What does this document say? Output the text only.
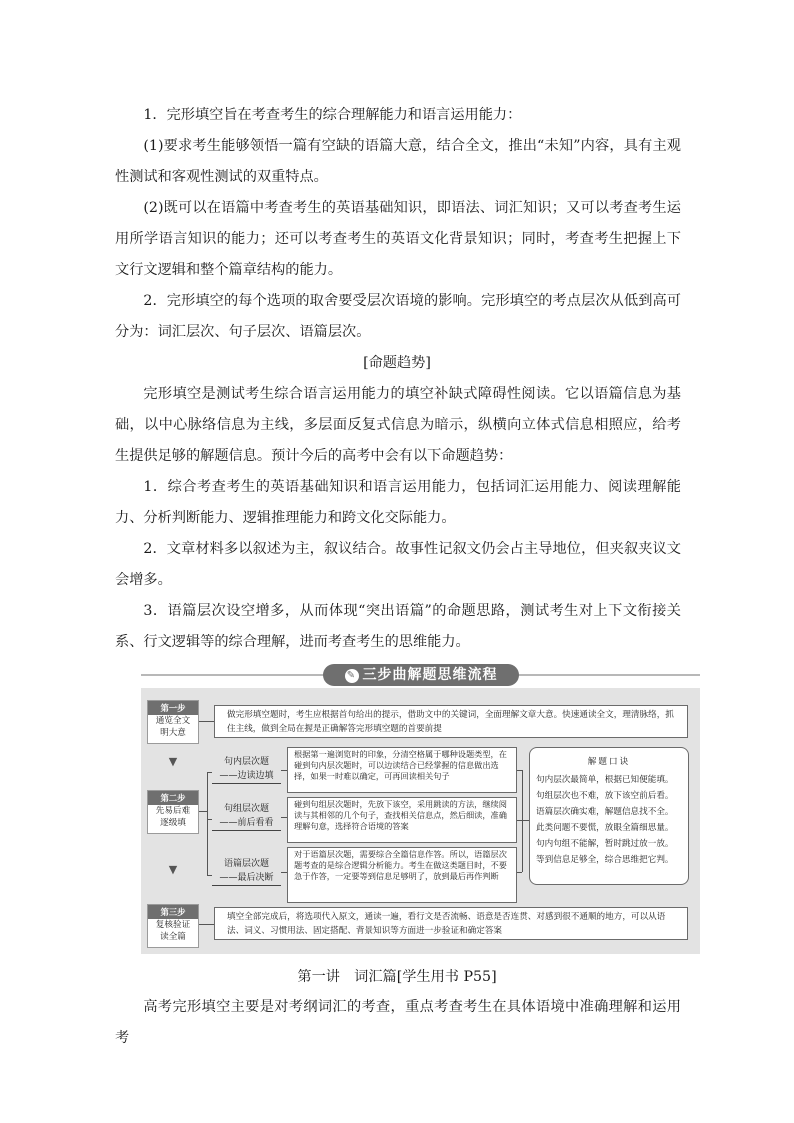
1．完形填空旨在考查考生的综合理解能力和语言运用能力：

(1)要求考生能够领悟一篇有空缺的语篇大意，结合全文，推出“未知”内容，具有主观性测试和客观性测试的双重特点。

(2)既可以在语篇中考查考生的英语基础知识，即语法、词汇知识；又可以考查考生运用所学语言知识的能力；还可以考查考生的英语文化背景知识；同时，考查考生把握上下文行文逻辑和整个篇章结构的能力。

2．完形填空的每个选项的取舍要受层次语境的影响。完形填空的考点层次从低到高可分为：词汇层次、句子层次、语篇层次。

[命题趋势]

完形填空是测试考生综合语言运用能力的填空补缺式障碍性阅读。它以语篇信息为基础，以中心脉络信息为主线，多层面反复式信息为暗示，纵横向立体式信息相照应，给考生提供足够的解题信息。预计今后的高考中会有以下命题趋势：

1．综合考查考生的英语基础知识和语言运用能力，包括词汇运用能力、阅读理解能力、分析判断能力、逻辑推理能力和跨文化交际能力。

2．文章材料多以叙述为主，叙议结合。故事性记叙文仍会占主导地位，但夹叙夹议文会增多。

3．语篇层次设空增多，从而体现“突出语篇”的命题思路，测试考生对上下文衔接关系、行文逻辑等的综合理解，进而考查考生的思维能力。

✎ 三步曲解题思维流程
第一步
通览全文
明大意
做完形填空题时，考生应根据首句给出的提示，借助文中的关键词，全面理解文章大意。快速通读全文，理清脉络，抓住主线，做到全局在握是正确解答完形填空题的首要前提
▼
第二步
先易后难
逐级填
句内层次题
——边读边填
句组层次题
——前后看看
语篇层次题
——最后决断
根据第一遍浏览时的印象，分清空格属于哪种设题类型，在碰到句内层次题时，可以边读结合已经掌握的信息做出选择，如果一时难以确定，可再回读相关句子
碰到句组层次题时，先放下该空，采用跳读的方法，继续阅读与其相邻的几个句子，查找相关信息点，然后细读，准确理解句意，选择符合语境的答案
对于语篇层次题，需要综合全篇信息作答。所以，语篇层次题考查的是综合逻辑分析能力。考生在做这类题目时，不要急于作答，一定要等到信息足够明了，放到最后再作判断
解题口诀
句内层次最简单，根据已知便能填。
句组层次也不难，放下该空前后看。
语篇层次确实难，解题信息找不全。
此类问题不要慌，放眼全篇细思量。
句内句组不能解，暂时跳过放一放。
等到信息足够全，综合思维把它判。
▼
第三步
复核验证
读全篇
填空全部完成后，将选项代入原文，通读一遍，看行文是否流畅、语意是否连贯、对感到很不通顺的地方，可以从语法、词义、习惯用法、固定搭配、背景知识等方面进一步验证和确定答案
第一讲　词汇篇[学生用书 P55]

高考完形填空主要是对考纲词汇的考查，重点考查考生在具体语境中准确理解和运用考
